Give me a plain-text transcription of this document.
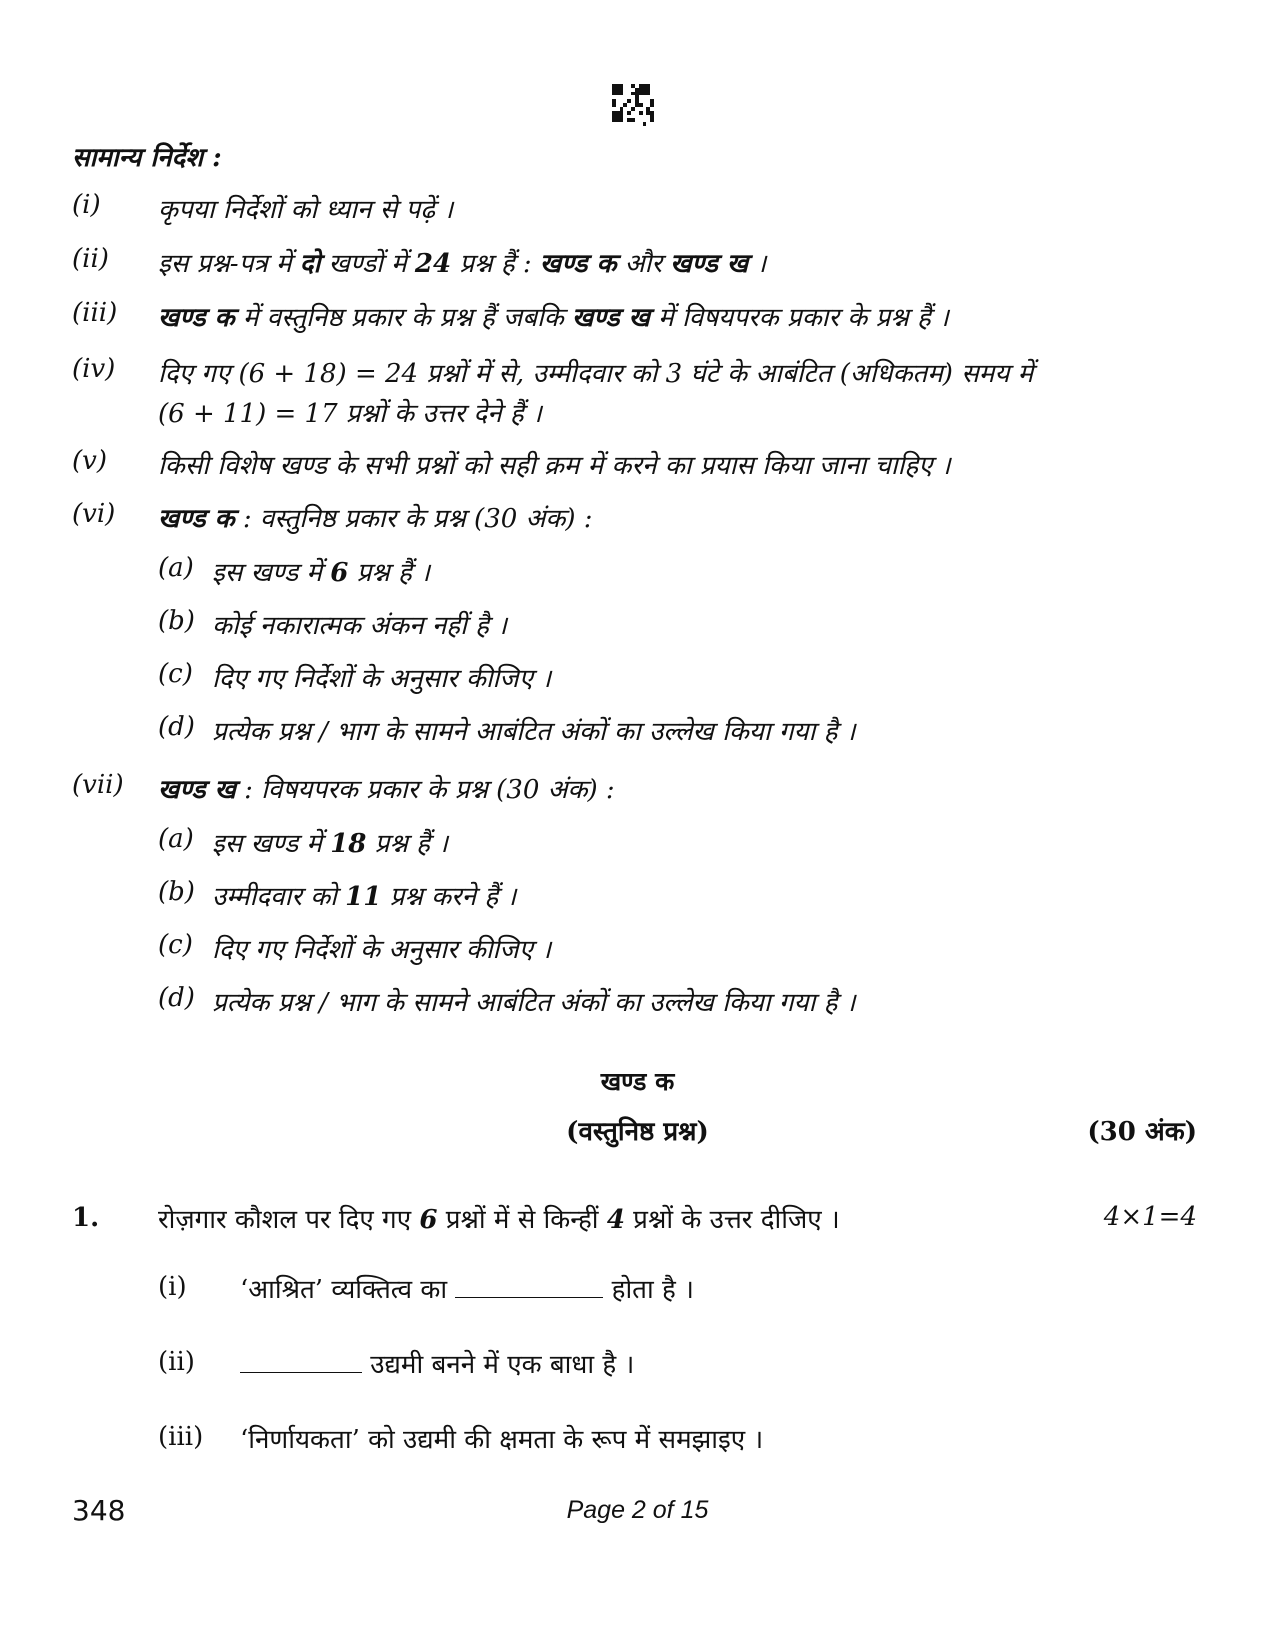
सामान्य निर्देश :
(i) कृपया निर्देशों को ध्यान से पढ़ें ।
(ii) इस प्रश्न-पत्र में दो खण्डों में 24 प्रश्न हैं : खण्ड क और खण्ड ख ।
(iii) खण्ड क में वस्तुनिष्ठ प्रकार के प्रश्न हैं जबकि खण्ड ख में विषयपरक प्रकार के प्रश्न हैं ।
(iv) दिए गए (6 + 18) = 24 प्रश्नों में से, उम्मीदवार को 3 घंटे के आबंटित (अधिकतम) समय में
(6 + 11) = 17 प्रश्नों के उत्तर देने हैं ।
(v) किसी विशेष खण्ड के सभी प्रश्नों को सही क्रम में करने का प्रयास किया जाना चाहिए ।
(vi) खण्ड क : वस्तुनिष्ठ प्रकार के प्रश्न (30 अंक) :
(a) इस खण्ड में 6 प्रश्न हैं ।
(b) कोई नकारात्मक अंकन नहीं है ।
(c) दिए गए निर्देशों के अनुसार कीजिए ।
(d) प्रत्येक प्रश्न / भाग के सामने आबंटित अंकों का उल्लेख किया गया है ।
(vii) खण्ड ख : विषयपरक प्रकार के प्रश्न (30 अंक) :
(a) इस खण्ड में 18 प्रश्न हैं ।
(b) उम्मीदवार को 11 प्रश्न करने हैं ।
(c) दिए गए निर्देशों के अनुसार कीजिए ।
(d) प्रत्येक प्रश्न / भाग के सामने आबंटित अंकों का उल्लेख किया गया है ।
खण्ड क
(वस्तुनिष्ठ प्रश्न)	(30 अंक)
1. रोज़गार कौशल पर दिए गए 6 प्रश्नों में से किन्हीं 4 प्रश्नों के उत्तर दीजिए ।	4×1=4
(i) ‘आश्रित’ व्यक्तित्व का	होता है ।
(ii)	उद्यमी बनने में एक बाधा है ।
(iii) ‘निर्णायकता’ को उद्यमी की क्षमता के रूप में समझाइए ।
348	Page 2 of 15
